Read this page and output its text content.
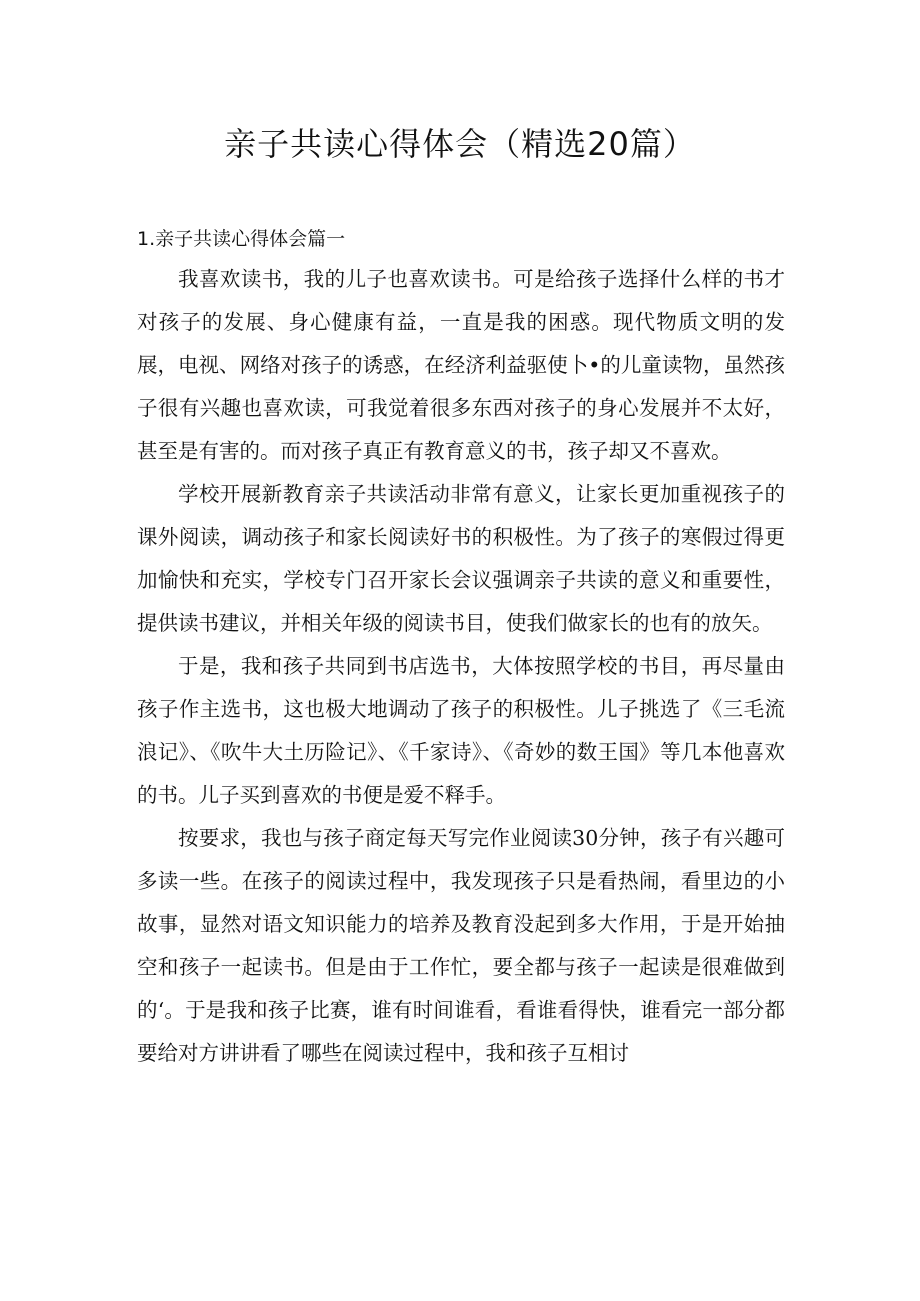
亲子共读心得体会（精选20篇）
1.亲子共读心得体会篇一

我喜欢读书，我的儿子也喜欢读书。可是给孩子选择什么样的书才对孩子的发展、身心健康有益，一直是我的困惑。现代物质文明的发展，电视、网络对孩子的诱惑，在经济利益驱使卜•的儿童读物，虽然孩子很有兴趣也喜欢读，可我觉着很多东西对孩子的身心发展并不太好，甚至是有害的。而对孩子真正有教育意义的书，孩子却又不喜欢。

学校开展新教育亲子共读活动非常有意义，让家长更加重视孩子的课外阅读，调动孩子和家长阅读好书的积极性。为了孩子的寒假过得更加愉快和充实，学校专门召开家长会议强调亲子共读的意义和重要性，提供读书建议，并相关年级的阅读书目，使我们做家长的也有的放矢。

于是，我和孩子共同到书店选书，大体按照学校的书目，再尽量由孩子作主选书，这也极大地调动了孩子的积极性。儿子挑选了《三毛流浪记》、《吹牛大土历险记》、《千家诗》、《奇妙的数王国》等几本他喜欢的书。儿子买到喜欢的书便是爱不释手。

按要求，我也与孩子商定每天写完作业阅读30分钟，孩子有兴趣可多读一些。在孩子的阅读过程中，我发现孩子只是看热闹，看里边的小故事，显然对语文知识能力的培养及教育没起到多大作用，于是开始抽空和孩子一起读书。但是由于工作忙，要全都与孩子一起读是很难做到的‘。于是我和孩子比赛，谁有时间谁看，看谁看得快，谁看完一部分都要给对方讲讲看了哪些在阅读过程中，我和孩子互相讨
